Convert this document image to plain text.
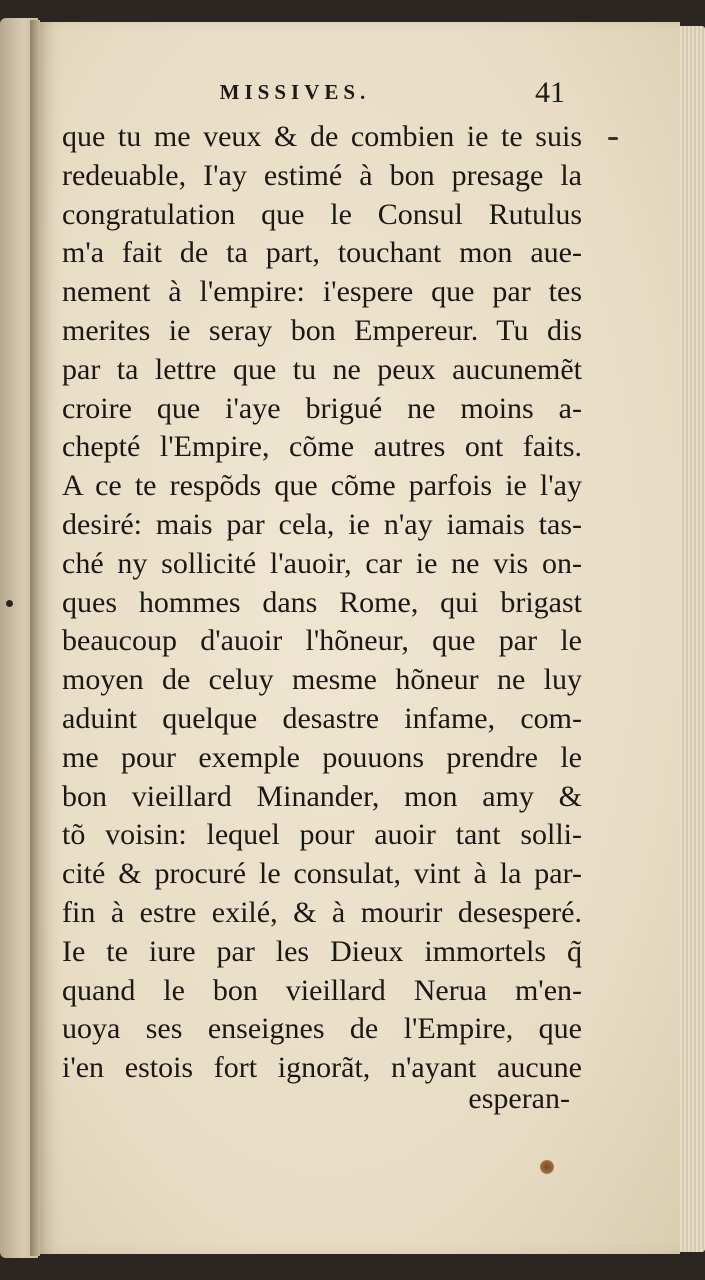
MISSIVES.	41
que tu me veux & de combien ie te suis
redeuable, I'ay estimé à bon presage la
congratulation que le Consul Rutulus
m'a fait de ta part, touchant mon aue-
nement à l'empire: i'espere que par tes
merites ie seray bon Empereur. Tu dis
par ta lettre que tu ne peux aucunemẽt
croire que i'aye brigué ne moins a-
chepté l'Empire, cõme autres ont faits.
A ce te respõds que cõme parfois ie l'ay
desiré: mais par cela, ie n'ay iamais tas-
ché ny sollicité l'auoir, car ie ne vis on-
ques hommes dans Rome, qui brigast
beaucoup d'auoir l'hõneur, que par le
moyen de celuy mesme hõneur ne luy
aduint quelque desastre infame, com-
me pour exemple pouuons prendre le
bon vieillard Minander, mon amy &
tõ voisin: lequel pour auoir tant solli-
cité & procuré le consulat, vint à la par-
fin à estre exilé, & à mourir desesperé.
Ie te iure par les Dieux immortels q̃
quand le bon vieillard Nerua m'en-
uoya ses enseignes de l'Empire, que
i'en estois fort ignorãt, n'ayant aucune
esperan-
